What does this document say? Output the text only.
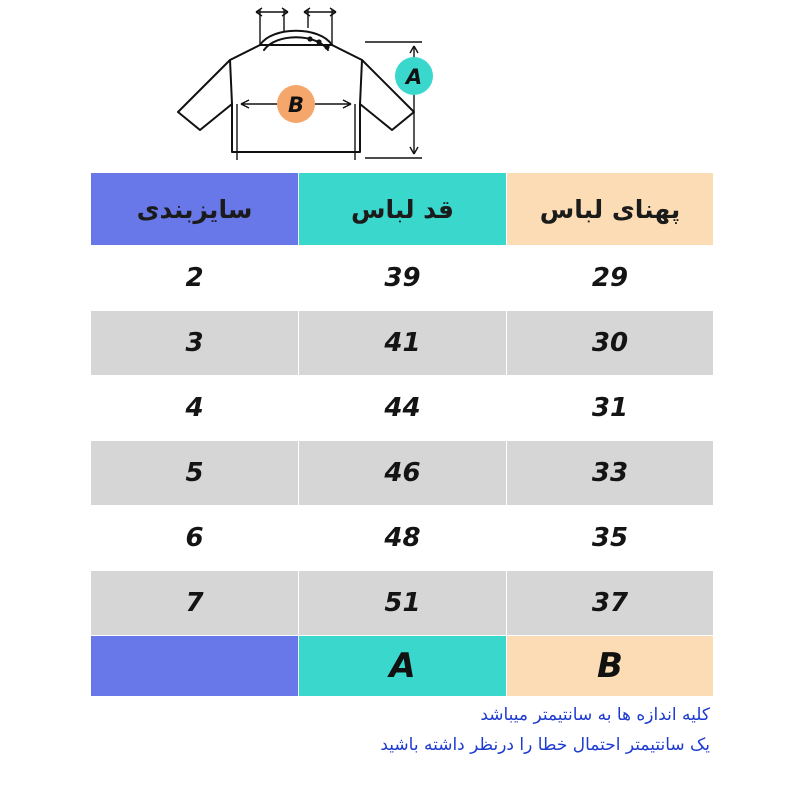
A
B
پهنای لباس	قد لباس	سایزبندی
29	39	2
30	41	3
31	44	4
33	46	5
35	48	6
37	51	7
B	A	
کلیه اندازه ها به سانتیمتر میباشد
یک سانتیمتر احتمال خطا را درنظر داشته باشید
